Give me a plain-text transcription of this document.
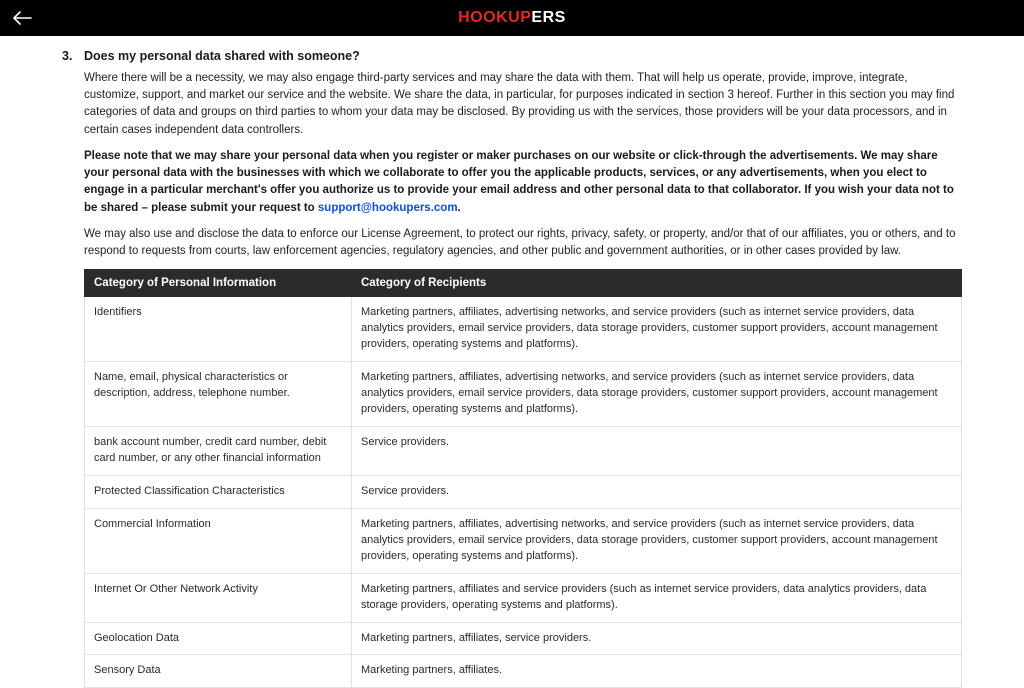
HOOKUPERS
3. Does my personal data shared with someone?

Where there will be a necessity, we may also engage third-party services and may share the data with them. That will help us operate, provide, improve, integrate, customize, support, and market our service and the website. We share the data, in particular, for purposes indicated in section 3 hereof. Further in this section you may find categories of data and groups on third parties to whom your data may be disclosed. By providing us with the services, those providers will be your data processors, and in certain cases independent data controllers.

Please note that we may share your personal data when you register or maker purchases on our website or click-through the advertisements. We may share your personal data with the businesses with which we collaborate to offer you the applicable products, services, or any advertisements, when you elect to engage in a particular merchant's offer you authorize us to provide your email address and other personal data to that collaborator. If you wish your data not to be shared – please submit your request to support@hookupers.com.

We may also use and disclose the data to enforce our License Agreement, to protect our rights, privacy, safety, or property, and/or that of our affiliates, you or others, and to respond to requests from courts, law enforcement agencies, regulatory agencies, and other public and government authorities, or in other cases provided by law.

Category of Personal Information	Category of Recipients
Identifiers	Marketing partners, affiliates, advertising networks, and service providers (such as internet service providers, data analytics providers, email service providers, data storage providers, customer support providers, account management providers, operating systems and platforms).
Name, email, physical characteristics or description, address, telephone number.	Marketing partners, affiliates, advertising networks, and service providers (such as internet service providers, data analytics providers, email service providers, data storage providers, customer support providers, account management providers, operating systems and platforms).
bank account number, credit card number, debit card number, or any other financial information	Service providers.
Protected Classification Characteristics	Service providers.
Commercial Information	Marketing partners, affiliates, advertising networks, and service providers (such as internet service providers, data analytics providers, email service providers, data storage providers, customer support providers, account management providers, operating systems and platforms).
Internet Or Other Network Activity	Marketing partners, affiliates and service providers (such as internet service providers, data analytics providers, data storage providers, operating systems and platforms).
Geolocation Data	Marketing partners, affiliates, service providers.
Sensory Data	Marketing partners, affiliates.
